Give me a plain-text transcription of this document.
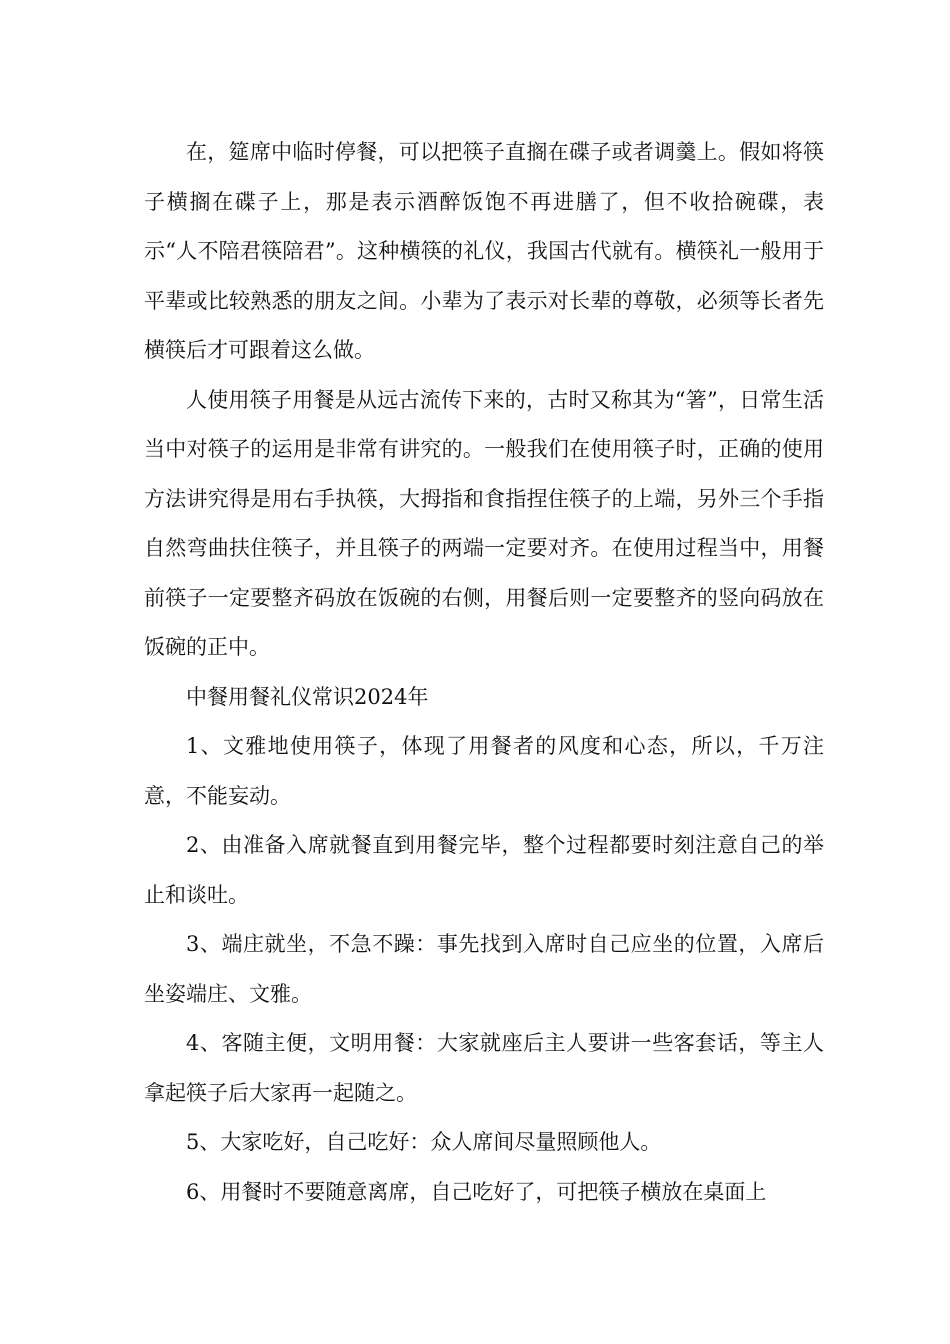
在，筵席中临时停餐，可以把筷子直搁在碟子或者调羹上。假如将筷子横搁在碟子上，那是表示酒醉饭饱不再进膳了，但不收拾碗碟，表示“人不陪君筷陪君”。这种横筷的礼仪，我国古代就有。横筷礼一般用于平辈或比较熟悉的朋友之间。小辈为了表示对长辈的尊敬，必须等长者先横筷后才可跟着这么做。

人使用筷子用餐是从远古流传下来的，古时又称其为“箸”，日常生活当中对筷子的运用是非常有讲究的。一般我们在使用筷子时，正确的使用方法讲究得是用右手执筷，大拇指和食指捏住筷子的上端，另外三个手指自然弯曲扶住筷子，并且筷子的两端一定要对齐。在使用过程当中，用餐前筷子一定要整齐码放在饭碗的右侧，用餐后则一定要整齐的竖向码放在饭碗的正中。

中餐用餐礼仪常识2024年

1、文雅地使用筷子，体现了用餐者的风度和心态，所以，千万注意，不能妄动。

2、由准备入席就餐直到用餐完毕，整个过程都要时刻注意自己的举止和谈吐。

3、端庄就坐，不急不躁：事先找到入席时自己应坐的位置，入席后坐姿端庄、文雅。

4、客随主便，文明用餐：大家就座后主人要讲一些客套话，等主人拿起筷子后大家再一起随之。

5、大家吃好，自己吃好：众人席间尽量照顾他人。

6、用餐时不要随意离席，自己吃好了，可把筷子横放在桌面上
